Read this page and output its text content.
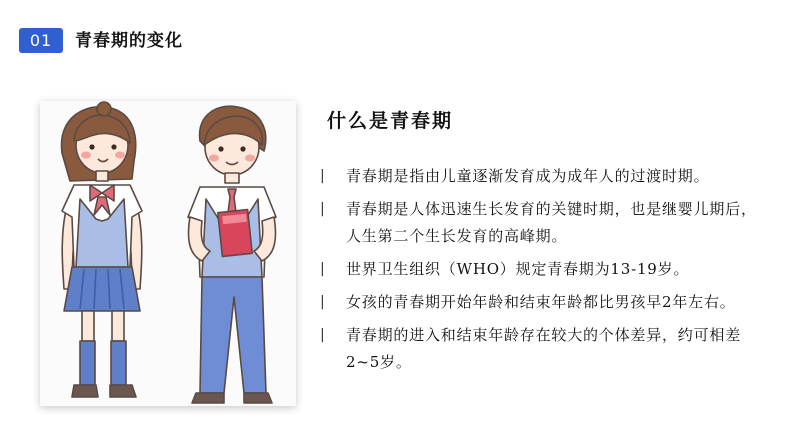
01	青春期的变化
什么是青春期
| 青春期是指由儿童逐渐发育成为成年人的过渡时期。
| 青春期是人体迅速生长发育的关键时期，也是继婴儿期后，人生第二个生长发育的高峰期。
| 世界卫生组织（WHO）规定青春期为13-19岁。
| 女孩的青春期开始年龄和结束年龄都比男孩早2年左右。
| 青春期的进入和结束年龄存在较大的个体差异，约可相差2~5岁。
